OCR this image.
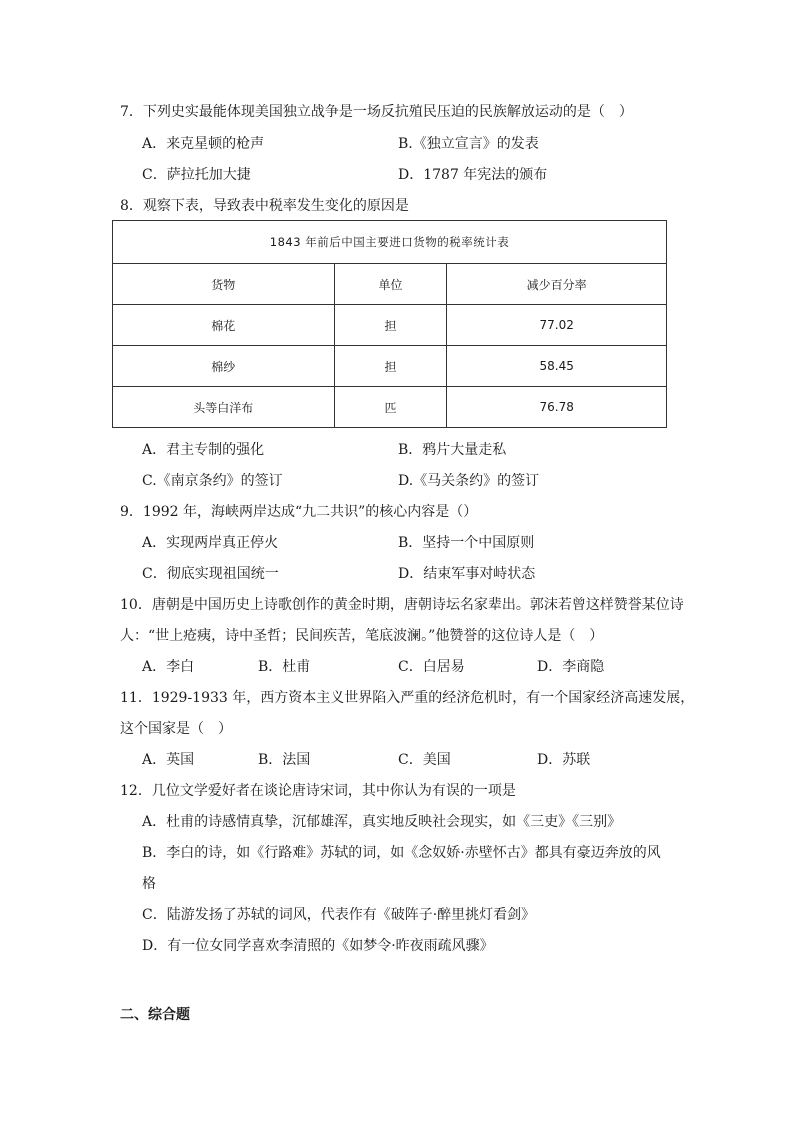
7．下列史实最能体现美国独立战争是一场反抗殖民压迫的民族解放运动的是（　）
A．来克星顿的枪声	B.《独立宣言》的发表
C．萨拉托加大捷	D．1787 年宪法的颁布
8．观察下表，导致表中税率发生变化的原因是
1843 年前后中国主要进口货物的税率统计表		
货物	单位	减少百分率
棉花	担	77.02
棉纱	担	58.45
头等白洋布	匹	76.78
A．君主专制的强化	B．鸦片大量走私
C.《南京条约》的签订	D.《马关条约》的签订
9．1992 年，海峡两岸达成“九二共识”的核心内容是（）
A．实现两岸真正停火	B．坚持一个中国原则
C．彻底实现祖国统一	D．结束军事对峙状态
10．唐朝是中国历史上诗歌创作的黄金时期，唐朝诗坛名家辈出。郭沫若曾这样赞誉某位诗
人：“世上疮痍，诗中圣哲；民间疾苦，笔底波澜。”他赞誉的这位诗人是（　）
A．李白	B．杜甫	C．白居易	D．李商隐
11．1929-1933 年，西方资本主义世界陷入严重的经济危机时，有一个国家经济高速发展，
这个国家是（　）
A．英国	B．法国	C．美国	D．苏联
12．几位文学爱好者在谈论唐诗宋词，其中你认为有误的一项是
A．杜甫的诗感情真挚，沉郁雄浑，真实地反映社会现实，如《三吏》《三别》
B．李白的诗，如《行路难》苏轼的词，如《念奴娇·赤壁怀古》都具有豪迈奔放的风
格
C．陆游发扬了苏轼的词风，代表作有《破阵子·醉里挑灯看剑》
D．有一位女同学喜欢李清照的《如梦令·昨夜雨疏风骤》
二、综合题
